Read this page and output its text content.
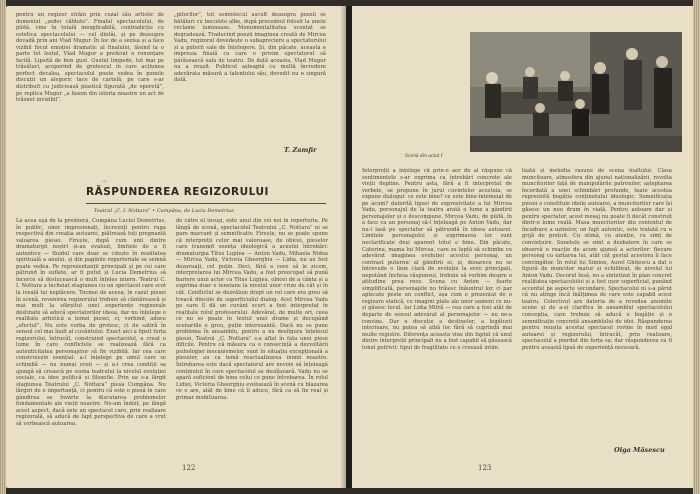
pentru un regizor străin prin cuzal său artistic de domeniul „ședei căldute”. Finalul spectacolului, de pildă, vine în totală inexplicabilă, contradicție cu estetica spectacolului — cel dintâi, și pe deasupra dovadă prin ani Vlad Mugur. În loc de a sezisa și a face vizibil focul emoției dramatic al finalului, lăsind la o parte tot lestul, Vlad Mugur a preferat o renunțare facilă. Lipsită de bun gust. Gustul limpede, tot mai pe trăsături, acoperind de grotescul în care acțiunea perfect decalea, spectacolul poate vedea în punele discuții un alegoric tace de cartelă, pe care s-ar distribuit cu judicioasă plastică figurată „de operetă”, pe replica Mugur „a fasem din istoria noastre un act de trăsnet invizibil”.

„pitorilor”, tot semiotecul ascult deasupra poezii se bătăluri cu beculete albe, după procedeul folosit la unele reclame luminoase. Monumentalitatea scontat se degradează. Traducind poezii imaginea creată de Mircea Vadu, regizorul dovedește o subapreciere a spectatorului și a puterii sale de înțelegere. Și, din păcate, aceasta e impresia finală cu care o privim spectatorul să părăsească sala de teatru. De dată aceasta, Vlad Mugur nu a reușit. Publicul așteaptă cu multă încredere adevărata măsură a talentului său, dovedit nu o singură dată.

T. Zamfir
∽
RĂSPUNDEREA REGIZORULUI
Teatrul „C. I. Nottara” • Cumpăna, de Lucia Demetrius

La acea uşă de la premieră, Cumpăna Luciei Demetrius, în public, unor impresionați, încrezuți pentru ruga respectivă din creația autoarei, piătrează toți pregnantă valoarea piesei. Firește, după cum unii dintre dramaturgii noștri și-au evaluat, limitele de a fi autentice — fluidul care doar se citește în realitatea spirituală a anului. și din paginile repertoriale se semnă poate vedea. Pe reprezentanții principali și pe cei care pătrund în suflete, ar fi putut și Lucia Demetrius să încerce să deslucească o mult înțeles intern. Teatrul C. I. Nottara a încheiat stagiunea cu un spectacol care scot la iveală lui neplăcere. Tocmai de aceea, în cazul piesei în scenă, revenirea regizorului trebuie să cântărească și mai mult la sfârșitul unei experiențe regizorale destinate să aducă spectatorilor ideea, dar nu înțelege o realitate artistică a temei piesei, ci, vorbind, aduce „efectul”. Nu este vorba de grotesc, ci de satiră în sensul cel mai înalt al cuvântului. Exact aici a lipsit forța regizorului, întrucât, construind spectacolul, a creat o lume în care conflictele se realizează fără ca autenticitatea personajelor să fie vizibilă. Iar cea care construiește esențial: a-l înțelege pe omul care se schimbă — nu numai eroii — și a-i crea condiții sa ajungă să crească pe scena teatrului la nivelul evoluției sociale, ca idee politică și filozofie. Prin ea s-a lărgit stagiunea Teatrului „C. Nottara” piesa Cumpăna. Nu lărgiri de o importanță, ci pentru că este o piesă în care gândirea se învârte la discutarea problemelor fundamentale ale vieții noastre. Ne-am îndoit, pe lângă acest aspect, dacă este un spectacol care, prin realizare regizorală, să aducă de fapt perspectiva de care a vrut să vorbească autoarea.

de către el însuși, este unul din cei noi în repertoriu. Pe lângă de scenă, spectacolul Teatrului „C. Nottara” ni se pare marcant și semnificativ. Firește, nu se poate spune că interpreții celor mai valoroase, de obicei, pieselor care transmit esența ideologică a acestui întrebări: dramaturgia Titus Lupțea — Anton Vadu, Mihaela Nidea — Mircea Vadu, Victoria Gheorghiu — Lidia, nu au fost dezavuați, cel puțin. Deci, fără a cere să le zicem, interpretarea lui Mircea Vadu, a fost preocupat să pună bariere unui actor ca Titus Lupțea, obicei de a cânta și a exprima doar o tensiune la nivelul unor crize de cât și în cât. Conflictul se dezvăluie drept un rol care era greu să treacă dincolo de superficialul dialog. Acel Mircea Vadu pe care îl dă un cuvânt scurt a fost interpretat în realitate rolul profesorului. Adevărat, de multe ori, ceea ce nu se poate în textul unei drame și decupând scenariile e greu, puțin interesantă. Dacă nu se pune problema în ansamblu, pentru a nu desfigura înțelesul piesei, Teatrul „C. Nottara” s-a aflat în fața unei piese dificile. Pentru că măsura ca o consecință a dezvoltării psihologiei mecanismelor, sunt în situația excepțională a pieselor, au ca temă reactualizarea inimii noastre. Întrebarea este dacă spectatorul are nevoie să înțeleagă conținutul în care spectacolul se desfășoară. Vadu nu se apară suficient de bine celui ce pune întrebarea. În rolul Lidiei, Victoria Gheorghiu evoluează în scenă cu blazarea ce o are, atât de bine că îi aduce, fără ca să fie real și primar mobilizarea.

122
Scenă din actul I

Interpreții a înțelege că prin-o aer de ai răspuns că sentimentele s-ar exprima ca întrebări concrete ale vieții depline. Pentru asta, fără a fi interpretat de verbele, se propune în jurul cuvintelor acestuia, se expune dialogul: ce este bine? ce este bine-întemeiat de pe acum? datorită lipsei de expresivitate a lui Mircea Vadu, personajul de la teatru arată o lume a gândirii personajelor și o descompune. Mircea Vadu, de pildă, în a face ca un personaj să-l înțeleagă pe Anton Vadu, dar nu-l lasă pe spectator să pătrundă în ideea autoarei. Limitele personajului și exprimarea lor sunt neclarificate deși aparent totul e bine. Din păcate, Caterina, mama lui Mircea, care se luptă să schimbe cu adevărat imaginea evoluției acestui personaj, un contrast puternic al gândirii ei, și, deoarece nu se întrevede o linie clară de evoluție la eroii principali, neputând încheia răspunsul, trebuie să vorbim despre o atitudine prea rece. Scena cu Anton — foarte simplificată, personajele nu trăiesc înăuntrul lor, ci par aplecate peste un conflict, așa cum e prezentat de o regizare statică, cu imagini plate ale unor oameni ce nu-și găsesc locul. Iar Lidia Mitră — cea care a fost atât de departe de sensul adevărat al personajelor — nu ne-a convins. Dar o discuție a destinelor, a legăturii interioare, nu putea să aibă loc fără să cuprindă mai multe registre. Diferența aceasta vine din faptul că unul dintre interpreții principali nu a fost capabil să găsească tonul potrivit: tipul de fragilitate ce o creează intim.

luată și melodia rasune de scena inaltului. Clasa muncitoare, atmosfera din ajunul naționalizării, revolta muncitorilor față de manipulările patronilor, așteptarea încordată a unei schimbări profunde, toate acestea reprezintă bogăția conținutului ideologic. Semnificația piesei o constituie ideile autoarei, a muncitorilor care își găsesc un nou drum în viață. Pentru autoare dar și pentru spectator, acest mesaj nu poate fi decât construit dintr-o lume reală. Masa muncitorilor din contextul de încadrare a uzinelor, un fapt autentic, este tratată cu o grijă de prețuit. Cu stimă, cu atenție, cu simț de conviețuire. Sunetele se simt a dezbatere în care se observă o reacție de acum ajunsă a actorilor: fiecare personaj cu ezitarea lui, atât cât gestul acestora îl face convingător. În rolul lui Simion, Aurel Ghițescu a dat o figură de muncitor matur și echilibrat, de nivelul lui Anton Vadu. Decorul însă, nu a sintetizat în plan concret realitatea spectacolului și a fost ușor superficial, punând accentul pe aspecte secundare. Spectacolul ni s-a părut că nu atinge încă înălțimea de care este capabil acest teatru. Colectivul are datoria de a revedea anumite scene și de a-și clarifica în ansamblul spectacolului concepția, care trebuie să aducă o bogăție și o semnificație concretă ansamblului de idei. Răspunderea pentru reușita acestui spectacol revine în mod egal autoarei și regizorului, întrucât, prin realizare, spectacolul a pierdut din forța sa; dar răspunderea va fi pentru această lipsă de experiență necesară.

Olga Măsescu
123
